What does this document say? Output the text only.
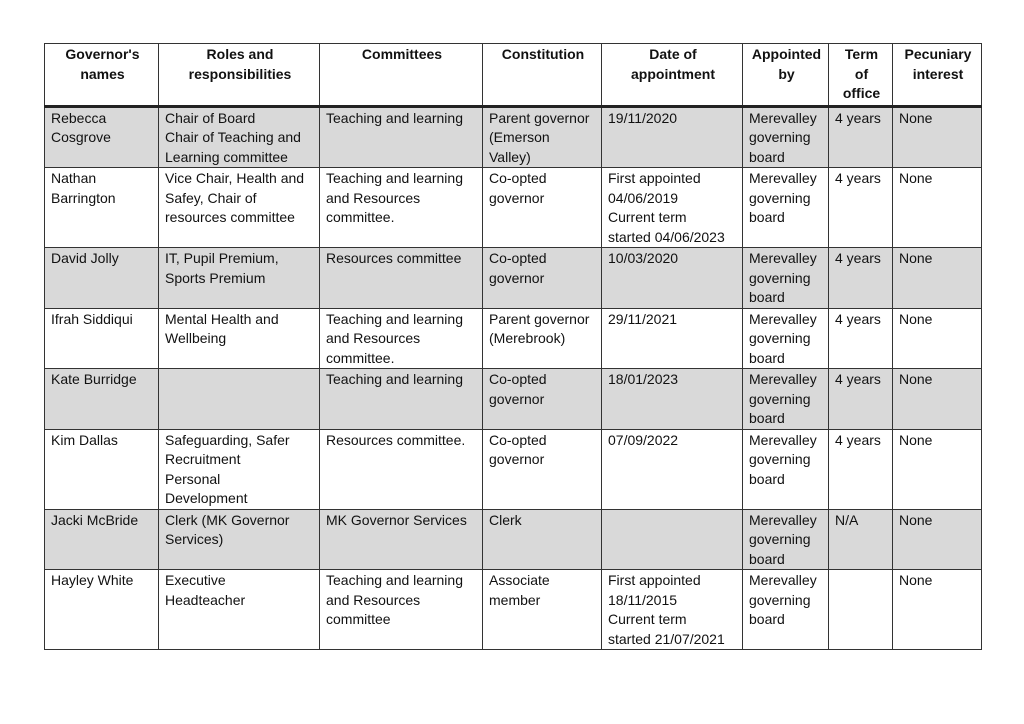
Governor's
names	Roles and
responsibilities	Committees	Constitution	Date of
appointment	Appointed
by	Term
of
office	Pecuniary
interest
Rebecca
Cosgrove	Chair of Board
Chair of Teaching and
Learning committee	Teaching and learning	Parent governor
(Emerson
Valley)	19/11/2020	Merevalley
governing
board	4 years	None
Nathan
Barrington	Vice Chair, Health and
Safey, Chair of
resources committee	Teaching and learning
and Resources
committee.	Co-opted
governor	First appointed
04/06/2019
Current term
started 04/06/2023	Merevalley
governing
board	4 years	None
David Jolly	IT, Pupil Premium,
Sports Premium	Resources committee	Co-opted
governor	10/03/2020	Merevalley
governing
board	4 years	None
Ifrah Siddiqui	Mental Health and
Wellbeing	Teaching and learning
and Resources
committee.	Parent governor
(Merebrook)	29/11/2021	Merevalley
governing
board	4 years	None
Kate Burridge		Teaching and learning	Co-opted
governor	18/01/2023	Merevalley
governing
board	4 years	None
Kim Dallas	Safeguarding, Safer
Recruitment
Personal
Development	Resources committee.	Co-opted
governor	07/09/2022	Merevalley
governing
board	4 years	None
Jacki McBride	Clerk (MK Governor
Services)	MK Governor Services	Clerk		Merevalley
governing
board	N/A	None
Hayley White	Executive
Headteacher	Teaching and learning
and Resources
committee	Associate
member	First appointed
18/11/2015
Current term
started 21/07/2021	Merevalley
governing
board		None
